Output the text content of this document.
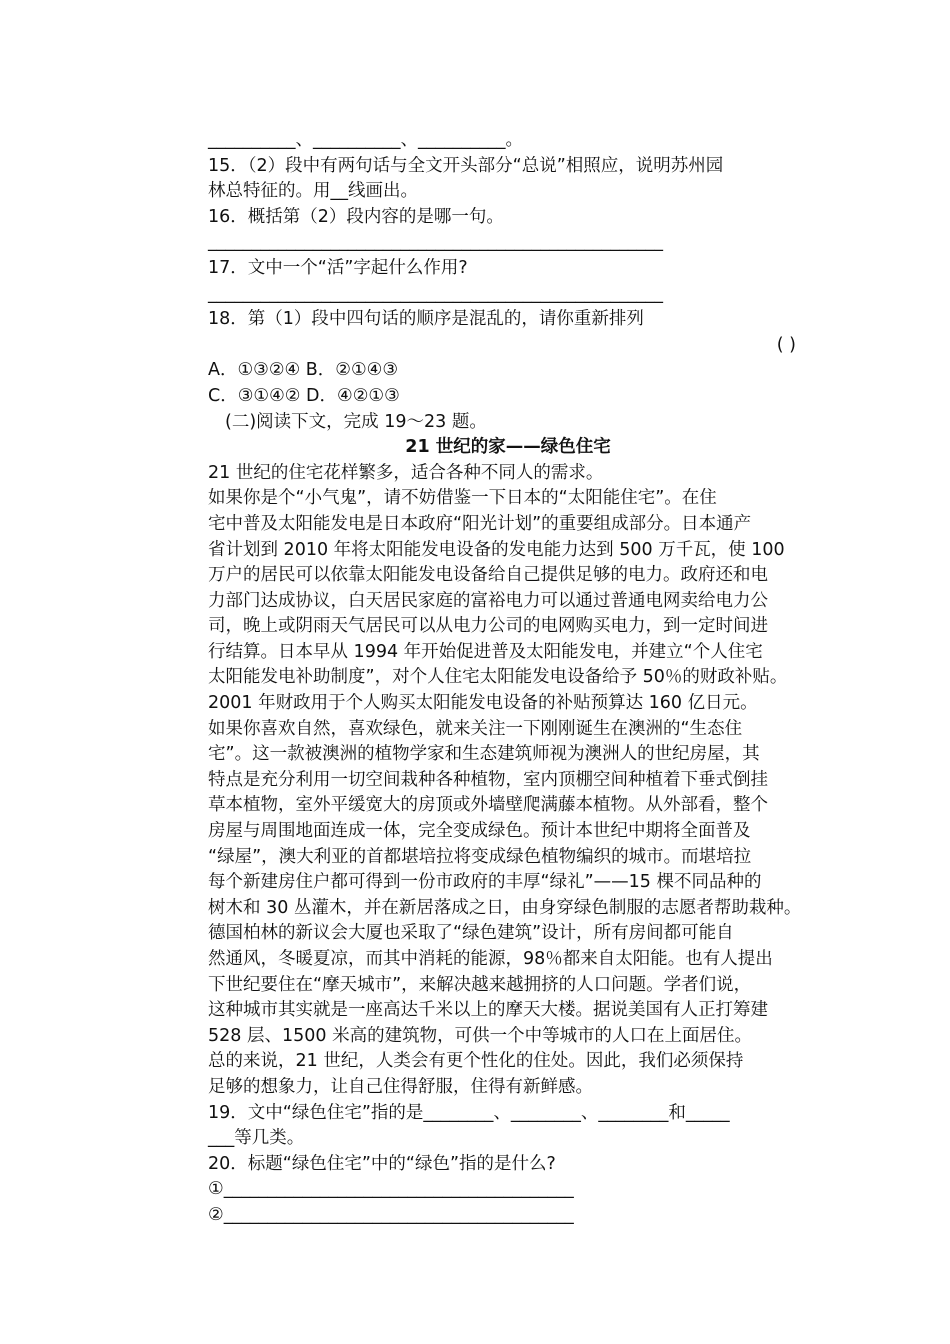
__________、__________、__________。
15．（2）段中有两句话与全文开头部分“总说”相照应，说明苏州园
林总特征的。用__线画出。
16．概括第（2）段内容的是哪一句。
____________________________________________________
17．文中一个“活”字起什么作用?
____________________________________________________
18．第（1）段中四句话的顺序是混乱的，请你重新排列
( )
A．①③②④ B．②①④③
C．③①④② D．④②①③
(二)阅读下文，完成 19～23 题。
21 世纪的家——绿色住宅
21 世纪的住宅花样繁多，适合各种不同人的需求。
如果你是个“小气鬼”，请不妨借鉴一下日本的“太阳能住宅”。在住
宅中普及太阳能发电是日本政府“阳光计划”的重要组成部分。日本通产
省计划到 2010 年将太阳能发电设备的发电能力达到 500 万千瓦，使 100
万户的居民可以依靠太阳能发电设备给自己提供足够的电力。政府还和电
力部门达成协议，白天居民家庭的富裕电力可以通过普通电网卖给电力公
司，晚上或阴雨天气居民可以从电力公司的电网购买电力，到一定时间进
行结算。日本早从 1994 年开始促进普及太阳能发电，并建立“个人住宅
太阳能发电补助制度”，对个人住宅太阳能发电设备给予 50％的财政补贴。
2001 年财政用于个人购买太阳能发电设备的补贴预算达 160 亿日元。
如果你喜欢自然，喜欢绿色，就来关注一下刚刚诞生在澳洲的“生态住
宅”。这一款被澳洲的植物学家和生态建筑师视为澳洲人的世纪房屋，其
特点是充分利用一切空间栽种各种植物，室内顶棚空间种植着下垂式倒挂
草本植物，室外平缓宽大的房顶或外墙壁爬满藤本植物。从外部看，整个
房屋与周围地面连成一体，完全变成绿色。预计本世纪中期将全面普及
“绿屋”，澳大利亚的首都堪培拉将变成绿色植物编织的城市。而堪培拉
每个新建房住户都可得到一份市政府的丰厚“绿礼”——15 棵不同品种的
树木和 30 丛灌木，并在新居落成之日，由身穿绿色制服的志愿者帮助栽种。
德国柏林的新议会大厦也采取了“绿色建筑”设计，所有房间都可能自
然通风，冬暖夏凉，而其中消耗的能源，98％都来自太阳能。也有人提出
下世纪要住在“摩天城市”，来解决越来越拥挤的人口问题。学者们说，
这种城市其实就是一座高达千米以上的摩天大楼。据说美国有人正打筹建
528 层、1500 米高的建筑物，可供一个中等城市的人口在上面居住。
总的来说，21 世纪，人类会有更个性化的住处。因此，我们必须保持
足够的想象力，让自己住得舒服，住得有新鲜感。
19．文中“绿色住宅”指的是________、________、________和_____
___等几类。
20．标题“绿色住宅”中的“绿色”指的是什么?
①________________________________________
②________________________________________
